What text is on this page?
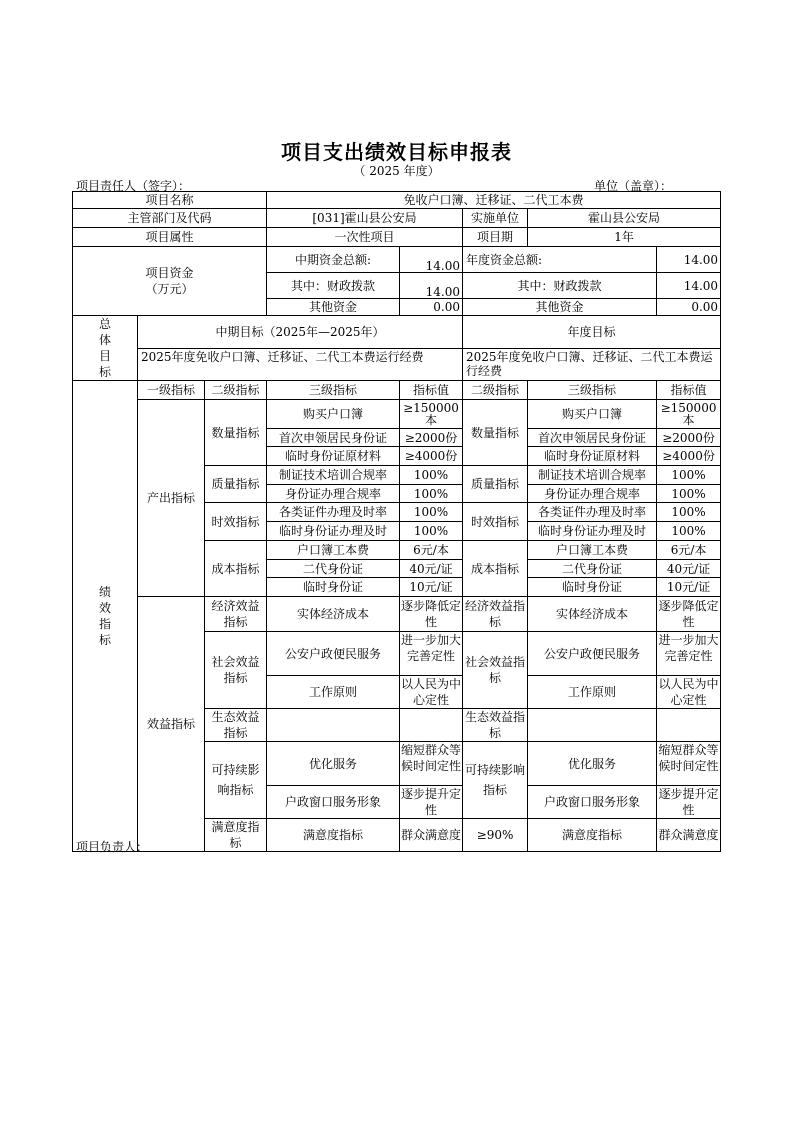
项目支出绩效目标申报表
（ 2025 年度）
项目责任人（签字）：	单位（盖章）：
项目名称			免收户口簿、迁移证、二代工本费					
主管部门及代码			[031]霍山县公安局		实施单位	霍山县公安局		
项目属性			一次性项目		项目期	1年		
项目资金
（万元）			中期资金总额:	14.00	年度资金总额:		14.00	
			其中：财政拨款	14.00	其中：财政拨款		14.00	
			其他资金	0.00	其他资金		0.00	

总体目标	中期目标（2025年—2025年）				年度目标			
	2025年度免收户口簿、迁移证、二代工本费运行经费				2025年度免收户口簿、迁移证、二代工本费运行经费			

绩效指标	一级指标	二级指标	三级指标	指标值	二级指标	三级指标	指标值	
	产出指标	数量指标	购买户口簿	≥150000本	数量指标	购买户口簿	≥150000本	
			首次申领居民身份证	≥2000份		首次申领居民身份证	≥2000份	
			临时身份证原材料	≥4000份		临时身份证原材料	≥4000份	
		质量指标	制证技术培训合规率	100%	质量指标	制证技术培训合规率	100%	
			身份证办理合规率	100%		身份证办理合规率	100%	
		时效指标	各类证件办理及时率	100%	时效指标	各类证件办理及时率	100%	
			临时身份证办理及时	100%		临时身份证办理及时	100%	
		成本指标	户口簿工本费	6元/本	成本指标	户口簿工本费	6元/本	
			二代身份证	40元/证		二代身份证	40元/证	
			临时身份证	10元/证		临时身份证	10元/证	
	效益指标	经济效益指标	实体经济成本	逐步降低定性	经济效益指标	实体经济成本	逐步降低定性	
		社会效益指标	公安户政便民服务	进一步加大完善定性	社会效益指标	公安户政便民服务	进一步加大完善定性	
			工作原则	以人民为中心定性		工作原则	以人民为中心定性	
		生态效益指标			生态效益指标			
		可持续影响指标	优化服务	缩短群众等候时间定性	可持续影响指标	优化服务	缩短群众等候时间定性	
			户政窗口服务形象	逐步提升定性		户政窗口服务形象	逐步提升定性	
		满意度指标	满意度指标	群众满意度	≥90%	满意度指标	群众满意度	
项目负责人：
